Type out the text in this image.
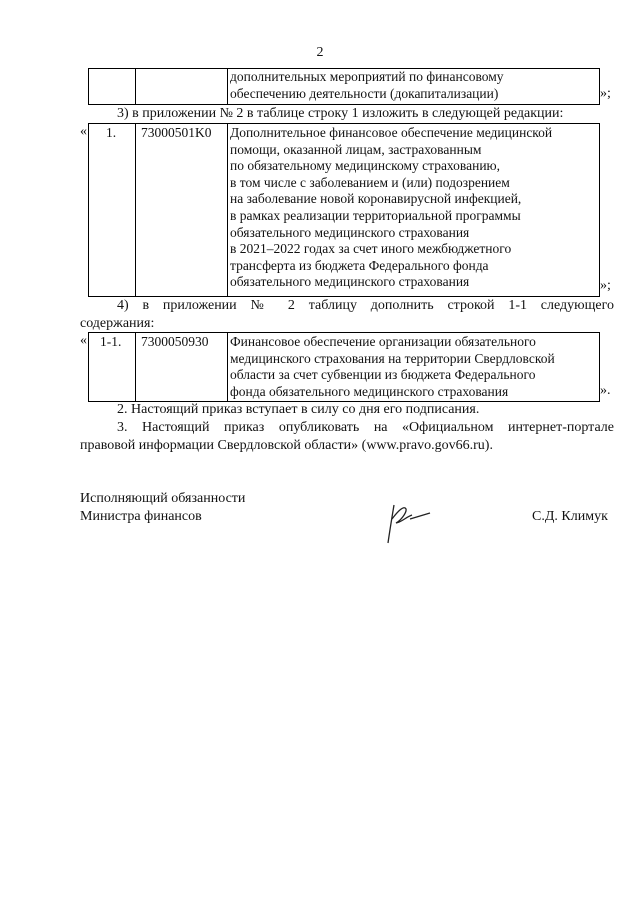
2
дополнительных мероприятий по финансовому
обеспечению деятельности (докапитализации)	»;
3) в приложении № 2 в таблице строку 1 изложить в следующей редакции:
« 1. 73000501K0 Дополнительное финансовое обеспечение медицинской
помощи, оказанной лицам, застрахованным
по обязательному медицинскому страхованию,
в том числе с заболеванием и (или) подозрением
на заболевание новой коронавирусной инфекцией,
в рамках реализации территориальной программы
обязательного медицинского страхования
в 2021–2022 годах за счет иного межбюджетного
трансферта из бюджета Федерального фонда
обязательного медицинского страхования	»;
4) в приложении № 2 таблицу дополнить строкой 1-1 следующего
содержания:
« 1-1. 7300050930 Финансовое обеспечение организации обязательного
медицинского страхования на территории Свердловской
области за счет субвенции из бюджета Федерального
фонда обязательного медицинского страхования	».
2. Настоящий приказ вступает в силу со дня его подписания.
3. Настоящий приказ опубликовать на «Официальном интернет-портале
правовой информации Свердловской области» (www.pravo.gov66.ru).
Исполняющий обязанности
Министра финансов	С.Д. Климук
